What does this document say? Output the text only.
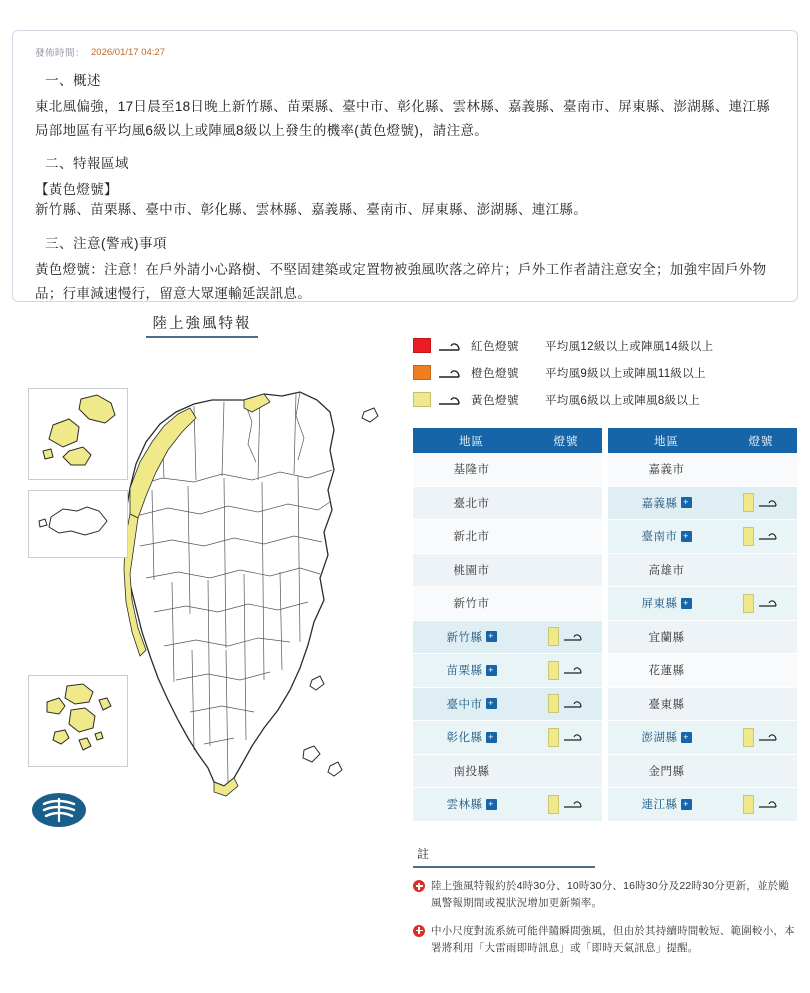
發佈時間： 2026/01/17 04:27
一、概述
東北風偏強，17日晨至18日晚上新竹縣、苗栗縣、臺中市、彰化縣、雲林縣、嘉義縣、臺南市、屏東縣、澎湖縣、連江縣局部地區有平均風6級以上或陣風8級以上發生的機率(黃色燈號)，請注意。
二、特報區域
【黃色燈號】
新竹縣、苗栗縣、臺中市、彰化縣、雲林縣、嘉義縣、臺南市、屏東縣、澎湖縣、連江縣。
三、注意(警戒)事項
黃色燈號：注意！在戶外請小心路樹、不堅固建築或定置物被強風吹落之碎片；戶外工作者請注意安全；加強牢固戶外物品；行車減速慢行，留意大眾運輸延誤訊息。
陸上強風特報
紅色燈號	平均風12級以上或陣風14級以上
橙色燈號	平均風9級以上或陣風11級以上
黃色燈號	平均風6級以上或陣風8級以上
地區	燈號
基隆市
臺北市
新北市
桃園市
新竹市
新竹縣 +
苗栗縣 +
臺中市 +
彰化縣 +
南投縣
雲林縣 +
地區	燈號
嘉義市
嘉義縣 +
臺南市 +
高雄市
屏東縣 +
宜蘭縣
花蓮縣
臺東縣
澎湖縣 +
金門縣
連江縣 +
註
陸上強風特報約於4時30分、10時30分、16時30分及22時30分更新，並於颱風警報期間或視狀況增加更新頻率。
中小尺度對流系統可能伴隨瞬間強風，但由於其持續時間較短、範圍較小，本署將利用「大雷雨即時訊息」或「即時天氣訊息」提醒。
